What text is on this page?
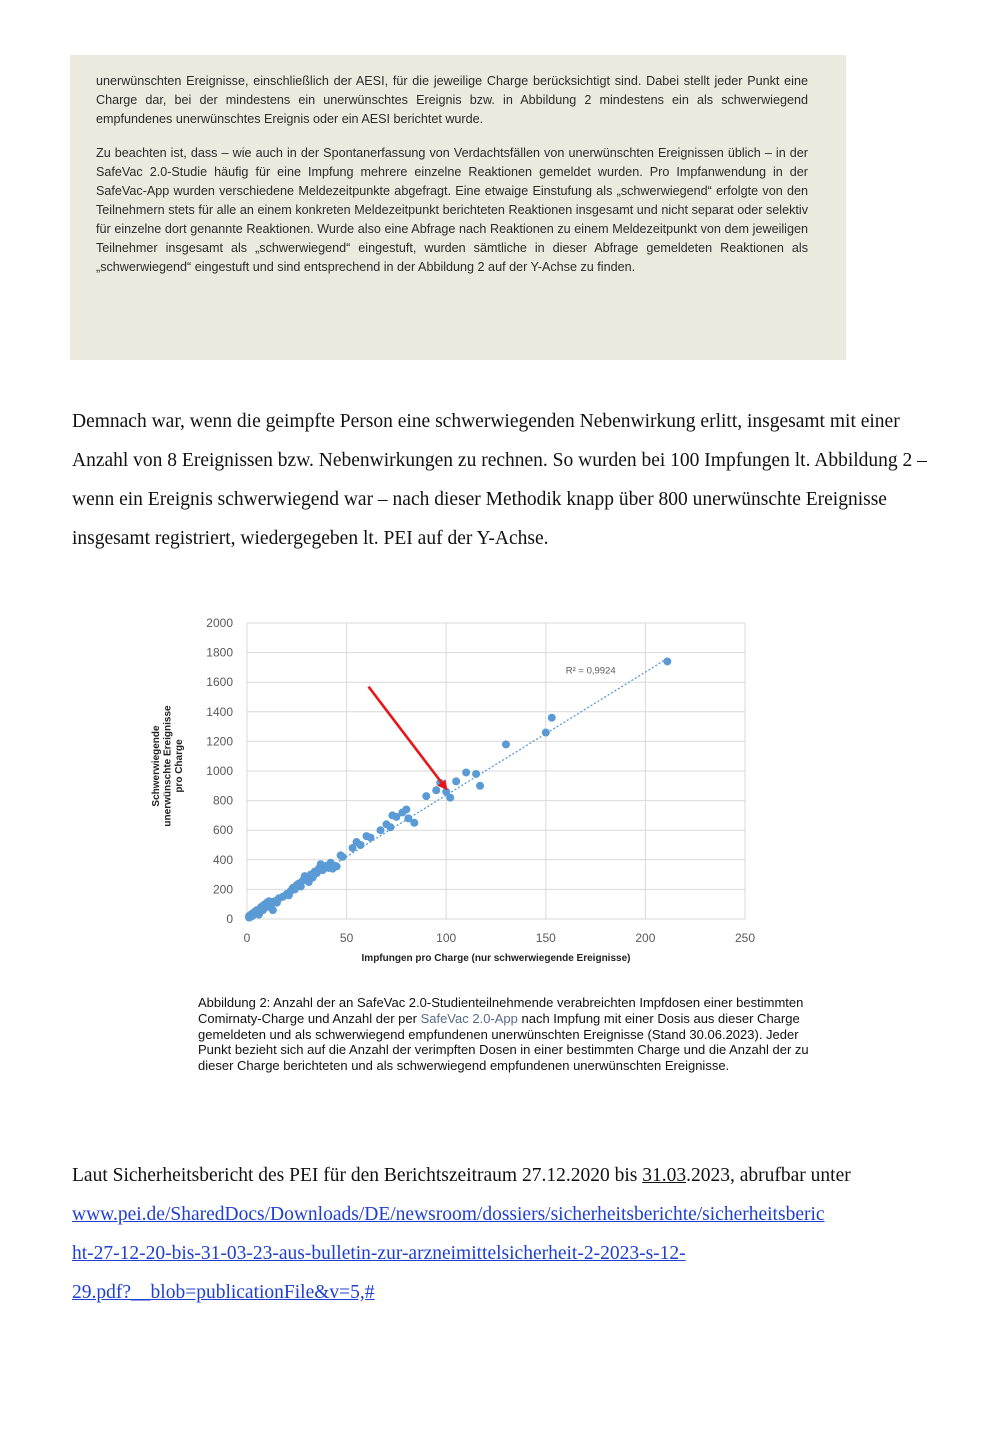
unerwünschten Ereignisse, einschließlich der AESI, für die jeweilige Charge berücksichtigt sind. Dabei stellt jeder Punkt eine Charge dar, bei der mindestens ein unerwünschtes Ereignis bzw. in Abbildung 2 mindestens ein als schwerwiegend empfundenes unerwünschtes Ereignis oder ein AESI berichtet wurde.

Zu beachten ist, dass – wie auch in der Spontanerfassung von Verdachtsfällen von unerwünschten Ereignissen üblich – in der SafeVac 2.0-Studie häufig für eine Impfung mehrere einzelne Reaktionen gemeldet wurden. Pro Impfanwendung in der SafeVac-App wurden verschiedene Meldezeitpunkte abgefragt. Eine etwaige Einstufung als „schwerwiegend“ erfolgte von den Teilnehmern stets für alle an einem konkreten Meldezeitpunkt berichteten Reaktionen insgesamt und nicht separat oder selektiv für einzelne dort genannte Reaktionen. Wurde also eine Abfrage nach Reaktionen zu einem Meldezeitpunkt von dem jeweiligen Teilnehmer insgesamt als „schwerwiegend“ eingestuft, wurden sämtliche in dieser Abfrage gemeldeten Reaktionen als „schwerwiegend“ eingestuft und sind entsprechend in der Abbildung 2 auf der Y-Achse zu finden.

Demnach war, wenn die geimpfte Person eine schwerwiegenden Nebenwirkung erlitt, insgesamt mit einer Anzahl von 8 Ereignissen bzw. Nebenwirkungen zu rechnen. So wurden bei 100 Impfungen lt. Abbildung 2 – wenn ein Ereignis schwerwiegend war – nach dieser Methodik knapp über 800 unerwünschte Ereignisse insgesamt registriert, wiedergegeben lt. PEI auf der Y-Achse.
0
200
400
600
800
1000
1200
1400
1600
1800
2000
0	50	100	150	200	250
R² = 0,9924
Impfungen pro Charge (nur schwerwiegende Ereignisse)
Schwerwiegende unerwünschte Ereignisse pro Charge
Abbildung 2: Anzahl der an SafeVac 2.0-Studienteilnehmende verabreichten Impfdosen einer bestimmten Comirnaty-Charge und Anzahl der per SafeVac 2.0-App nach Impfung mit einer Dosis aus dieser Charge gemeldeten und als schwerwiegend empfundenen unerwünschten Ereignisse (Stand 30.06.2023). Jeder Punkt bezieht sich auf die Anzahl der verimpften Dosen in einer bestimmten Charge und die Anzahl der zu dieser Charge berichteten und als schwerwiegend empfundenen unerwünschten Ereignisse.
Laut Sicherheitsbericht des PEI für den Berichtszeitraum 27.12.2020 bis 31.03.2023, abrufbar unter
www.pei.de/SharedDocs/Downloads/DE/newsroom/dossiers/sicherheitsberichte/sicherheitsberic
ht-27-12-20-bis-31-03-23-aus-bulletin-zur-arzneimittelsicherheit-2-2023-s-12-
29.pdf?__blob=publicationFile&v=5,#
